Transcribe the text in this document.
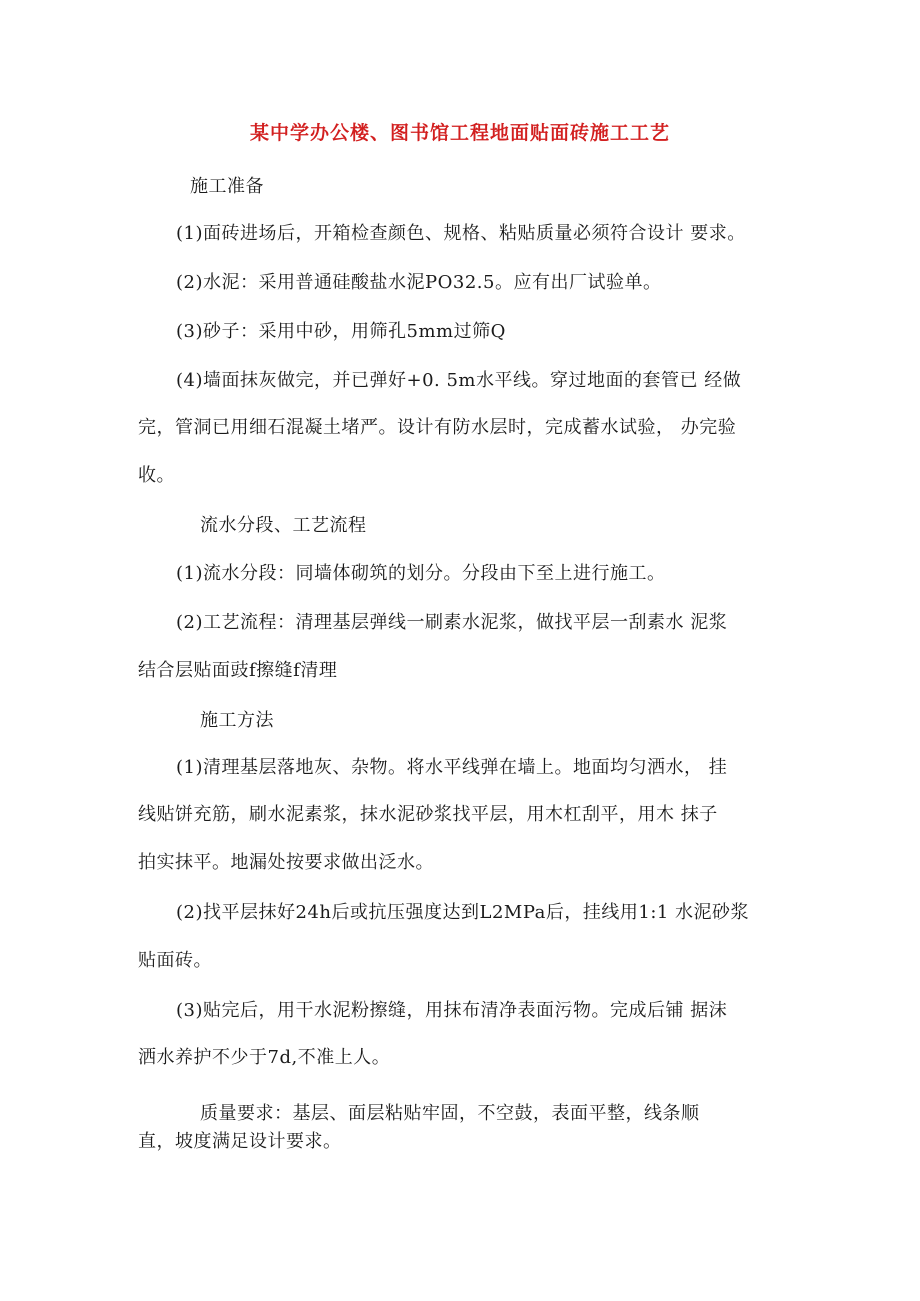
某中学办公楼、图书馆工程地面贴面砖施工工艺
施工准备
(1)面砖进场后，开箱检查颜色、规格、粘贴质量必须符合设计 要求。
(2)水泥：采用普通硅酸盐水泥PO32.5。应有出厂试验单。
(3)砂子：采用中砂，用筛孔5mm过筛Q
(4)墙面抹灰做完，并已弹好+0. 5m水平线。穿过地面的套管已 经做
完，管洞已用细石混凝土堵严。设计有防水层时，完成蓄水试验， 办完验
收。
流水分段、工艺流程
(1)流水分段：同墙体砌筑的划分。分段由下至上进行施工。
(2)工艺流程：清理基层弹线一刷素水泥浆，做找平层一刮素水 泥浆
结合层贴面豉f擦缝f清理
施工方法
(1)清理基层落地灰、杂物。将水平线弹在墙上。地面均匀洒水， 挂
线贴饼充筋，刷水泥素浆，抹水泥砂浆找平层，用木杠刮平，用木 抹子
拍实抹平。地漏处按要求做出泛水。
(2)找平层抹好24h后或抗压强度达到L2MPa后，挂线用1:1 水泥砂浆
贴面砖。
(3)贴完后，用干水泥粉擦缝，用抹布清净表面污物。完成后铺 据沫
洒水养护不少于7d,不准上人。
质量要求：基层、面层粘贴牢固，不空鼓，表面平整，线条顺
直，坡度满足设计要求。
